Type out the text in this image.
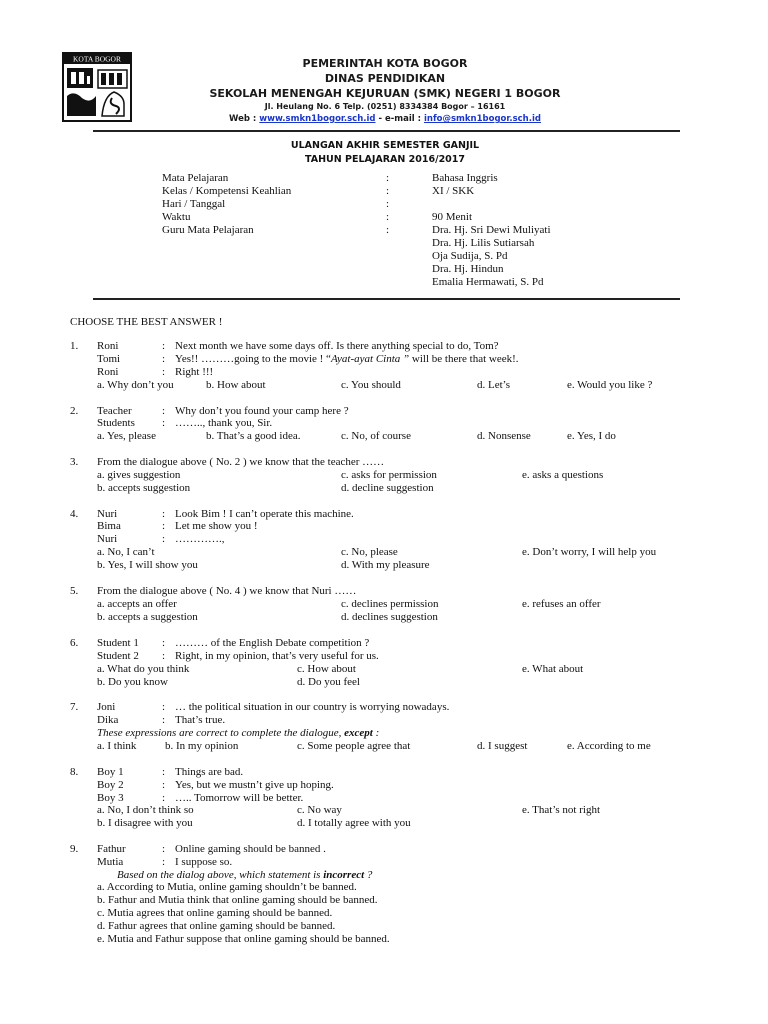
KOTA BOGOR	PEMERINTAH KOTA BOGOR
DINAS PENDIDIKAN
SEKOLAH MENENGAH KEJURUAN (SMK) NEGERI 1 BOGOR
Jl. Heulang No. 6 Telp. (0251) 8334384 Bogor – 16161
Web : www.smkn1bogor.sch.id - e-mail : info@smkn1bogor.sch.id
ULANGAN AKHIR SEMESTER GANJIL
TAHUN PELAJARAN 2016/2017
Mata Pelajaran	:	Bahasa Inggris
Kelas / Kompetensi Keahlian	:	XI / SKK
Hari / Tanggal	:
Waktu	:	90 Menit
Guru Mata Pelajaran	:	Dra. Hj. Sri Dewi Muliyati
Dra. Hj. Lilis Sutiarsah
Oja Sudija, S. Pd
Dra. Hj. Hindun
Emalia Hermawati, S. Pd
CHOOSE THE BEST ANSWER !
1. Roni	: Next month we have some days off. Is there anything special to do, Tom?
Tomi	: Yes!! ………going to the movie ! “Ayat-ayat Cinta ” will be there that week!.
Roni	: Right !!!
a. Why don’t you	b. How about	c. You should	d. Let’s	e. Would you like ?
2. Teacher	: Why don’t you found your camp here ?
Students : …….., thank you, Sir.
a. Yes, please	b. That’s a good idea.	c. No, of course	d. Nonsense	e. Yes, I do
3. From the dialogue above ( No. 2 ) we know that the teacher ……
a. gives suggestion	c. asks for permission	e. asks a questions
b. accepts suggestion	d. decline suggestion
4. Nuri	: Look Bim ! I can’t operate this machine.
Bima	: Let me show you !
Nuri	: ………….,
a. No, I can’t	c. No, please	e. Don’t worry, I will help you
b. Yes, I will show you	d. With my pleasure
5. From the dialogue above ( No. 4 ) we know that Nuri ……
a. accepts an offer	c. declines permission	e. refuses an offer
b. accepts a suggestion	d. declines suggestion
6. Student 1 : ……… of the English Debate competition ?
Student 2 : Right, in my opinion, that’s very useful for us.
a. What do you think	c. How about	e. What about
b. Do you know	d. Do you feel
7. Joni	: … the political situation in our country is worrying nowadays.
Dika	: That’s true.
These expressions are correct to complete the dialogue, except :
a. I think	b. In my opinion	c. Some people agree that	d. I suggest	e. According to me
8. Boy 1	: Things are bad.
Boy 2	: Yes, but we mustn’t give up hoping.
Boy 3	: ….. Tomorrow will be better.
a. No, I don’t think so	c. No way	e. That’s not right
b. I disagree with you	d. I totally agree with you
9. Fathur	: Online gaming should be banned .
Mutia	: I suppose so.
Based on the dialog above, which statement is incorrect ?
a. According to Mutia, online gaming shouldn’t be banned.
b. Fathur and Mutia think that online gaming should be banned.
c. Mutia agrees that online gaming should be banned.
d. Fathur agrees that online gaming should be banned.
e. Mutia and Fathur suppose that online gaming should be banned.
